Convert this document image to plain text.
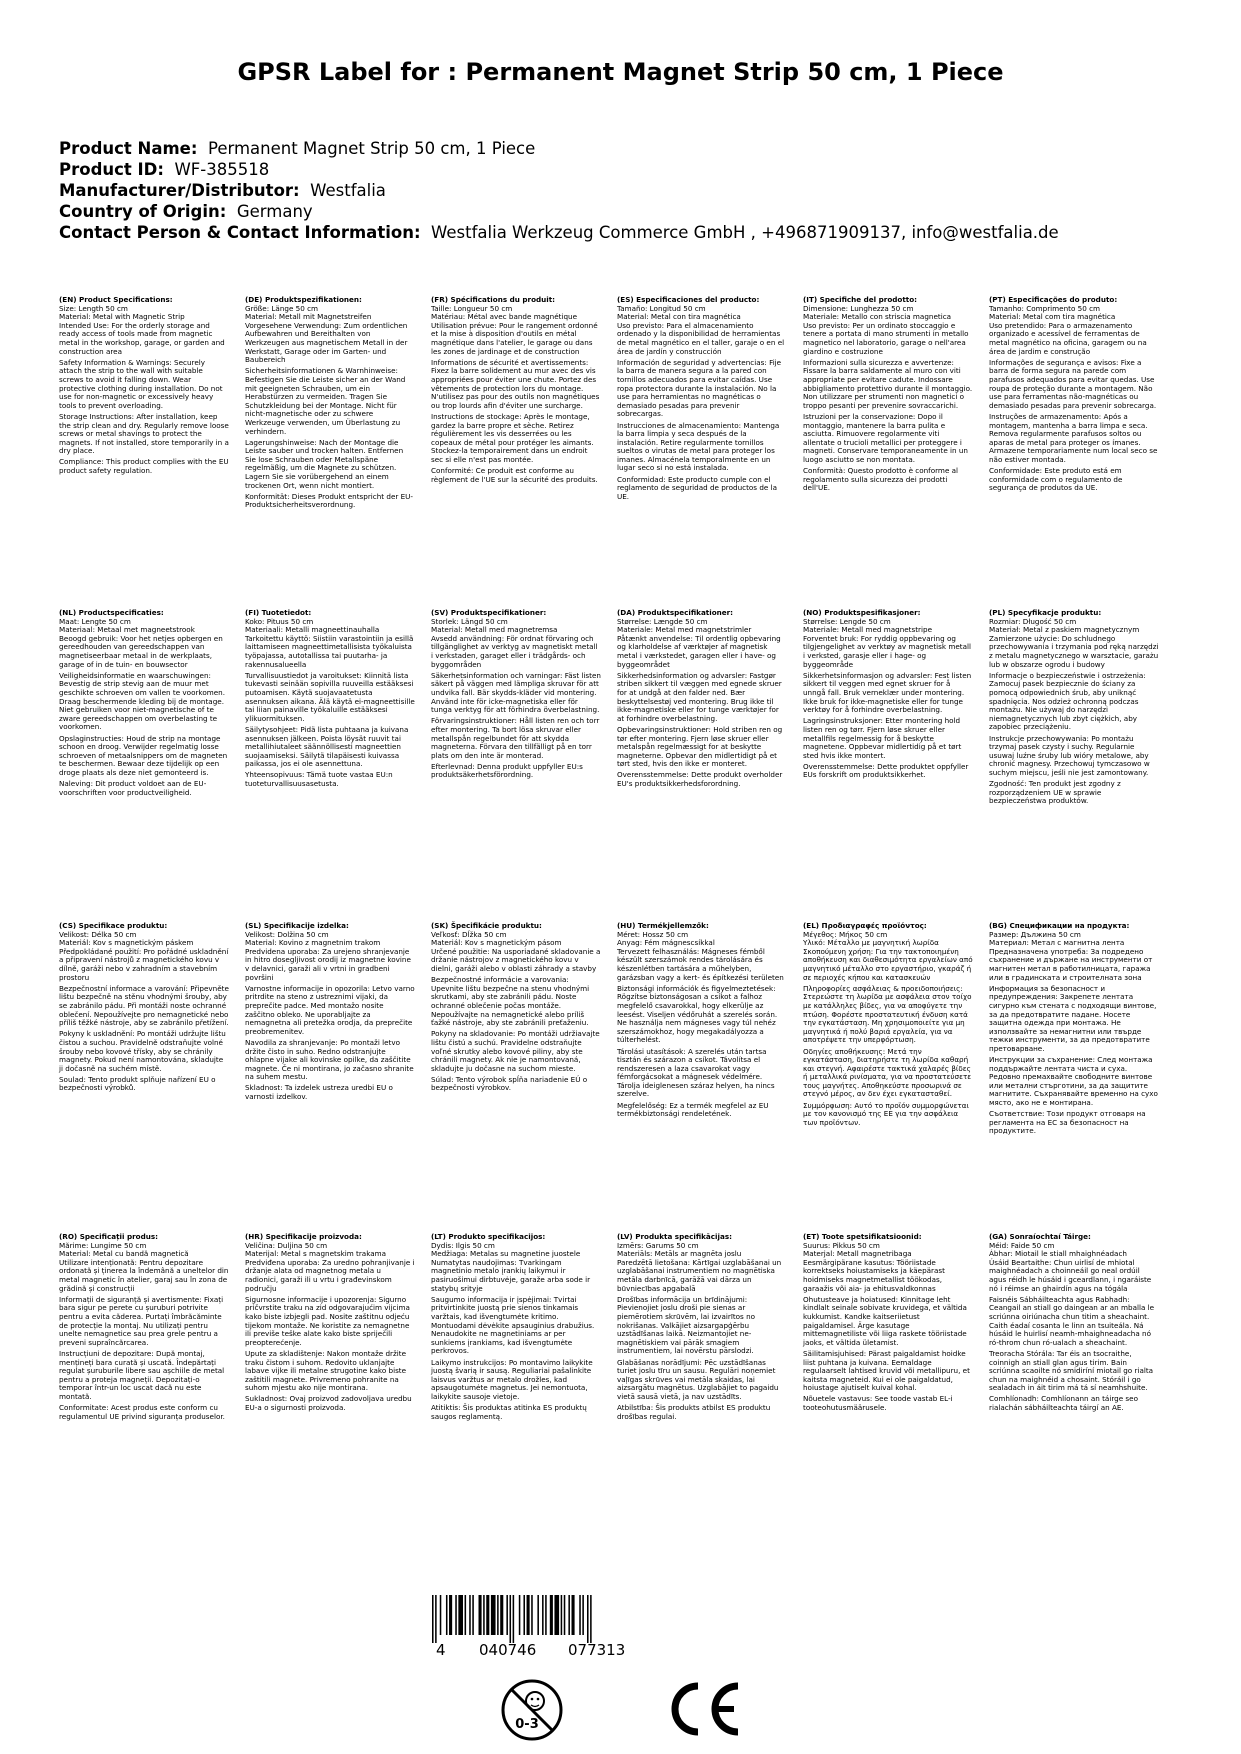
GPSR Label for : Permanent Magnet Strip 50 cm, 1 Piece
Product Name: Permanent Magnet Strip 50 cm, 1 Piece
Product ID: WF-385518
Manufacturer/Distributor: Westfalia
Country of Origin: Germany
Contact Person & Contact Information: Westfalia Werkzeug Commerce GmbH , +496871909137, info@westfalia.de

(EN) Product Specifications:

Size: Length 50 cm

Material: Metal with Magnetic Strip

Intended Use: For the orderly storage and ready access of tools made from magnetic metal in the workshop, garage, or garden and construction area

Safety Information & Warnings: Securely attach the strip to the wall with suitable screws to avoid it falling down. Wear protective clothing during installation. Do not use for non-magnetic or excessively heavy tools to prevent overloading.

Storage Instructions: After installation, keep the strip clean and dry. Regularly remove loose screws or metal shavings to protect the magnets. If not installed, store temporarily in a dry place.

Compliance: This product complies with the EU product safety regulation.

(DE) Produktspezifikationen:

Größe: Länge 50 cm

Material: Metall mit Magnetstreifen

Vorgesehene Verwendung: Zum ordentlichen Aufbewahren und Bereithalten von Werkzeugen aus magnetischem Metall in der Werkstatt, Garage oder im Garten- und Baubereich

Sicherheitsinformationen & Warnhinweise: Befestigen Sie die Leiste sicher an der Wand mit geeigneten Schrauben, um ein Herabstürzen zu vermeiden. Tragen Sie Schutzkleidung bei der Montage. Nicht für nicht-magnetische oder zu schwere Werkzeuge verwenden, um Überlastung zu verhindern.

Lagerungshinweise: Nach der Montage die Leiste sauber und trocken halten. Entfernen Sie lose Schrauben oder Metallspäne regelmäßig, um die Magnete zu schützen. Lagern Sie sie vorübergehend an einem trockenen Ort, wenn nicht montiert.

Konformität: Dieses Produkt entspricht der EU-Produktsicherheitsverordnung.

(FR) Spécifications du produit:

Taille: Longueur 50 cm

Matériau: Métal avec bande magnétique

Utilisation prévue: Pour le rangement ordonné et la mise à disposition d'outils en métal magnétique dans l'atelier, le garage ou dans les zones de jardinage et de construction

Informations de sécurité et avertissements: Fixez la barre solidement au mur avec des vis appropriées pour éviter une chute. Portez des vêtements de protection lors du montage. N'utilisez pas pour des outils non magnétiques ou trop lourds afin d'éviter une surcharge.

Instructions de stockage: Après le montage, gardez la barre propre et sèche. Retirez régulièrement les vis desserrées ou les copeaux de métal pour protéger les aimants. Stockez-la temporairement dans un endroit sec si elle n'est pas montée.

Conformité: Ce produit est conforme au règlement de l'UE sur la sécurité des produits.

(ES) Especificaciones del producto:

Tamaño: Longitud 50 cm

Material: Metal con tira magnética

Uso previsto: Para el almacenamiento ordenado y la disponibilidad de herramientas de metal magnético en el taller, garaje o en el área de jardín y construcción

Información de seguridad y advertencias: Fije la barra de manera segura a la pared con tornillos adecuados para evitar caídas. Use ropa protectora durante la instalación. No la use para herramientas no magnéticas o demasiado pesadas para prevenir sobrecargas.

Instrucciones de almacenamiento: Mantenga la barra limpia y seca después de la instalación. Retire regularmente tornillos sueltos o virutas de metal para proteger los imanes. Almacénela temporalmente en un lugar seco si no está instalada.

Conformidad: Este producto cumple con el reglamento de seguridad de productos de la UE.

(IT) Specifiche del prodotto:

Dimensione: Lunghezza 50 cm

Materiale: Metallo con striscia magnetica

Uso previsto: Per un ordinato stoccaggio e tenere a portata di mano strumenti in metallo magnetico nel laboratorio, garage o nell'area giardino e costruzione

Informazioni sulla sicurezza e avvertenze: Fissare la barra saldamente al muro con viti appropriate per evitare cadute. Indossare abbigliamento protettivo durante il montaggio. Non utilizzare per strumenti non magnetici o troppo pesanti per prevenire sovraccarichi.

Istruzioni per la conservazione: Dopo il montaggio, mantenere la barra pulita e asciutta. Rimuovere regolarmente viti allentate o trucioli metallici per proteggere i magneti. Conservare temporaneamente in un luogo asciutto se non montata.

Conformità: Questo prodotto è conforme al regolamento sulla sicurezza dei prodotti dell'UE.

(PT) Especificações do produto:

Tamanho: Comprimento 50 cm

Material: Metal com tira magnética

Uso pretendido: Para o armazenamento organizado e acessível de ferramentas de metal magnético na oficina, garagem ou na área de jardim e construção

Informações de segurança e avisos: Fixe a barra de forma segura na parede com parafusos adequados para evitar quedas. Use roupa de proteção durante a montagem. Não use para ferramentas não-magnéticas ou demasiado pesadas para prevenir sobrecarga.

Instruções de armazenamento: Após a montagem, mantenha a barra limpa e seca. Remova regularmente parafusos soltos ou aparas de metal para proteger os ímanes. Armazene temporariamente num local seco se não estiver montada.

Conformidade: Este produto está em conformidade com o regulamento de segurança de produtos da UE.

(NL) Productspecificaties:

Maat: Lengte 50 cm

Materiaal: Metaal met magneetstrook

Beoogd gebruik: Voor het netjes opbergen en gereedhouden van gereedschappen van magnetiseerbaar metaal in de werkplaats, garage of in de tuin- en bouwsector

Veiligheidsinformatie en waarschuwingen: Bevestig de strip stevig aan de muur met geschikte schroeven om vallen te voorkomen. Draag beschermende kleding bij de montage. Niet gebruiken voor niet-magnetische of te zware gereedschappen om overbelasting te voorkomen.

Opslaginstructies: Houd de strip na montage schoon en droog. Verwijder regelmatig losse schroeven of metaalsnippers om de magneten te beschermen. Bewaar deze tijdelijk op een droge plaats als deze niet gemonteerd is.

Naleving: Dit product voldoet aan de EU-voorschriften voor productveiligheid.

(FI) Tuotetiedot:

Koko: Pituus 50 cm

Materiaali: Metalli magneettinauhalla

Tarkoitettu käyttö: Siistiin varastointiin ja esillä laittamiseen magneettimetallisista työkaluista työpajassa, autotallissa tai puutarha- ja rakennusalueella

Turvallisuustiedot ja varoitukset: Kiinnitä lista tukevasti seinään sopivilla ruuveilla estääksesi putoamisen. Käytä suojavaatetusta asennuksen aikana. Älä käytä ei-magneettisille tai liian painaville työkaluille estääksesi ylikuormituksen.

Säilytysohjeet: Pidä lista puhtaana ja kuivana asennuksen jälkeen. Poista löysät ruuvit tai metallihiutaleet säännöllisesti magneettien suojaamiseksi. Säilytä tilapäisesti kuivassa paikassa, jos ei ole asennettuna.

Yhteensopivuus: Tämä tuote vastaa EU:n tuoteturvallisuusasetusta.

(SV) Produktspecifikationer:

Storlek: Längd 50 cm

Material: Metall med magnetremsa

Avsedd användning: För ordnat förvaring och tillgänglighet av verktyg av magnetiskt metall i verkstaden, garaget eller i trädgårds- och byggområden

Säkerhetsinformation och varningar: Fäst listen säkert på väggen med lämpliga skruvar för att undvika fall. Bär skydds-kläder vid montering. Använd inte för icke-magnetiska eller för tunga verktyg för att förhindra överbelastning.

Förvaringsinstruktioner: Håll listen ren och torr efter montering. Ta bort lösa skruvar eller metallspån regelbundet för att skydda magneterna. Förvara den tillfälligt på en torr plats om den inte är monterad.

Efterlevnad: Denna produkt uppfyller EU:s produktsäkerhetsförordning.

(DA) Produktspecifikationer:

Størrelse: Længde 50 cm

Materiale: Metal med magnetstrimler

Påtænkt anvendelse: Til ordentlig opbevaring og klarholdelse af værktøjer af magnetisk metal i værkstedet, garagen eller i have- og byggeområdet

Sikkerhedsinformation og advarsler: Fastgør striben sikkert til væggen med egnede skruer for at undgå at den falder ned. Bær beskyttelsestøj ved montering. Brug ikke til ikke-magnetiske eller for tunge værktøjer for at forhindre overbelastning.

Opbevaringsinstruktioner: Hold striben ren og tør efter montering. Fjern løse skruer eller metalspån regelmæssigt for at beskytte magneterne. Opbevar den midlertidigt på et tørt sted, hvis den ikke er monteret.

Overensstemmelse: Dette produkt overholder EU's produktsikkerhedsforordning.

(NO) Produktspesifikasjoner:

Størrelse: Lengde 50 cm

Materiale: Metall med magnetstripe

Forventet bruk: For ryddig oppbevaring og tilgjengelighet av verktøy av magnetisk metall i verksted, garasje eller i hage- og byggeområde

Sikkerhetsinformasjon og advarsler: Fest listen sikkert til veggen med egnet skruer for å unngå fall. Bruk verneklær under montering. Ikke bruk for ikke-magnetiske eller for tunge verktøy for å forhindre overbelastning.

Lagringsinstruksjoner: Etter montering hold listen ren og tørr. Fjern løse skruer eller metallfils regelmessig for å beskytte magnetene. Oppbevar midlertidig på et tørt sted hvis ikke montert.

Overensstemmelse: Dette produktet oppfyller EUs forskrift om produktsikkerhet.

(PL) Specyfikacje produktu:

Rozmiar: Długość 50 cm

Materiał: Metal z paskiem magnetycznym

Zamierzone użycie: Do schludnego przechowywania i trzymania pod ręką narzędzi z metalu magnetycznego w warsztacie, garażu lub w obszarze ogrodu i budowy

Informacje o bezpieczeństwie i ostrzeżenia: Zamocuj pasek bezpiecznie do ściany za pomocą odpowiednich śrub, aby uniknąć spadnięcia. Nos odzież ochronną podczas montażu. Nie używaj do narzędzi niemagnetycznych lub zbyt ciężkich, aby zapobiec przeciążeniu.

Instrukcje przechowywania: Po montażu trzymaj pasek czysty i suchy. Regularnie usuwaj luźne śruby lub wióry metalowe, aby chronić magnesy. Przechowuj tymczasowo w suchym miejscu, jeśli nie jest zamontowany.

Zgodność: Ten produkt jest zgodny z rozporządzeniem UE w sprawie bezpieczeństwa produktów.

(CS) Specifikace produktu:

Velikost: Délka 50 cm

Materiál: Kov s magnetickým páskem

Předpokládané použití: Pro pořádné uskladnění a připravení nástrojů z magnetického kovu v dílně, garáži nebo v zahradním a stavebním prostoru

Bezpečnostní informace a varování: Připevněte lištu bezpečně na stěnu vhodnými šrouby, aby se zabránilo pádu. Při montáži noste ochranné oblečení. Nepoužívejte pro nemagnetické nebo příliš těžké nástroje, aby se zabránilo přetížení.

Pokyny k uskladnění: Po montáži udržujte lištu čistou a suchou. Pravidelně odstraňujte volné šrouby nebo kovové třísky, aby se chránily magnety. Pokud není namontována, skladujte ji dočasně na suchém místě.

Soulad: Tento produkt splňuje nařízení EU o bezpečnosti výrobků.

(SL) Specifikacije izdelka:

Velikost: Dolžina 50 cm

Material: Kovino z magnetnim trakom

Predvidena uporaba: Za urejeno shranjevanje in hitro dosegljivost orodij iz magnetne kovine v delavnici, garaži ali v vrtni in gradbeni površini

Varnostne informacije in opozorila: Letvo varno pritrdite na steno z ustreznimi vijaki, da preprečite padce. Med montažo nosite zaščitno obleko. Ne uporabljajte za nemagnetna ali pretežka orodja, da preprečite preobremenitev.

Navodila za shranjevanje: Po montaži letvo držite čisto in suho. Redno odstranjujte ohlapne vijake ali kovinske opilke, da zaščitite magnete. Če ni montirana, jo začasno shranite na suhem mestu.

Skladnost: Ta izdelek ustreza uredbi EU o varnosti izdelkov.

(SK) Špecifikácie produktu:

Veľkosť: Dĺžka 50 cm

Materiál: Kov s magnetickým pásom

Určené použitie: Na usporiadané skladovanie a držanie nástrojov z magnetického kovu v dielni, garáži alebo v oblasti záhrady a stavby

Bezpečnostné informácie a varovania: Upevnite lištu bezpečne na stenu vhodnými skrutkami, aby ste zabránili pádu. Noste ochranné oblečenie počas montáže. Nepoužívajte na nemagnetické alebo príliš ťažké nástroje, aby ste zabránili preťaženiu.

Pokyny na skladovanie: Po montáži udržiavajte lištu čistú a suchú. Pravidelne odstraňujte voľné skrutky alebo kovové piliny, aby ste chránili magnety. Ak nie je namontovaná, skladujte ju dočasne na suchom mieste.

Súlad: Tento výrobok spĺňa nariadenie EÚ o bezpečnosti výrobkov.

(HU) Termékjellemzők:

Méret: Hossz 50 cm

Anyag: Fém mágnescsíkkal

Tervezett felhasználás: Mágneses fémből készült szerszámok rendes tárolására és készenlétben tartására a műhelyben, garázsban vagy a kert- és építkezési területen

Biztonsági információk és figyelmeztetések: Rögzítse biztonságosan a csíkot a falhoz megfelelő csavarokkal, hogy elkerülje az leesést. Viseljen védőruhát a szerelés során. Ne használja nem mágneses vagy túl nehéz szerszámokhoz, hogy megakadályozza a túlterhelést.

Tárolási utasítások: A szerelés után tartsa tisztán és szárazon a csíkot. Távolítsa el rendszeresen a laza csavarokat vagy fémforgácsokat a mágnesek védelmére. Tárolja ideiglenesen száraz helyen, ha nincs szerelve.

Megfelelőség: Ez a termék megfelel az EU termékbiztonsági rendeletének.

(EL) Προδιαγραφές προϊόντος:

Μέγεθος: Μήκος 50 cm

Υλικό: Μέταλλο με μαγνητική λωρίδα

Σκοπούμενη χρήση: Για την τακτοποιημένη αποθήκευση και διαθεσιμότητα εργαλείων από μαγνητικό μέταλλο στο εργαστήριο, γκαράζ ή σε περιοχές κήπου και κατασκευών

Πληροφορίες ασφάλειας & προειδοποιήσεις: Στερεώστε τη λωρίδα με ασφάλεια στον τοίχο με κατάλληλες βίδες, για να αποφύγετε την πτώση. Φορέστε προστατευτική ένδυση κατά την εγκατάσταση. Μη χρησιμοποιείτε για μη μαγνητικά ή πολύ βαριά εργαλεία, για να αποτρέψετε την υπερφόρτωση.

Οδηγίες αποθήκευσης: Μετά την εγκατάσταση, διατηρήστε τη λωρίδα καθαρή και στεγνή. Αφαιρέστε τακτικά χαλαρές βίδες ή μεταλλικά ρινίσματα, για να προστατεύσετε τους μαγνήτες. Αποθηκεύστε προσωρινά σε στεγνό μέρος, αν δεν έχει εγκατασταθεί.

Συμμόρφωση: Αυτό το προϊόν συμμορφώνεται με τον κανονισμό της ΕΕ για την ασφάλεια των προϊόντων.

(BG) Спецификации на продукта:

Размер: Дължина 50 cm

Материал: Метал с магнитна лента

Предназначена употреба: За подредено съхранение и държане на инструменти от магнитен метал в работилницата, гаража или в градинската и строителната зона

Информация за безопасност и предупреждения: Закрепете лентата сигурно към стената с подходящи винтове, за да предотвратите падане. Носете защитна одежда при монтажа. Не използвайте за немагнитни или твърде тежки инструменти, за да предотвратите претоварване.

Инструкции за съхранение: След монтажа поддържайте лентата чиста и суха. Редовно премахвайте свободните винтове или метални стърготини, за да защитите магнитите. Съхранявайте временно на сухо място, ако не е монтирана.

Съответствие: Този продукт отговаря на регламента на ЕС за безопасност на продуктите.

(RO) Specificații produs:

Mărime: Lungime 50 cm

Material: Metal cu bandă magnetică

Utilizare intenționată: Pentru depozitare ordonată și ținerea la îndemână a uneltelor din metal magnetic în atelier, garaj sau în zona de grădină și construcții

Informații de siguranță și avertismente: Fixați bara sigur pe perete cu șuruburi potrivite pentru a evita căderea. Purtați îmbrăcăminte de protecție la montaj. Nu utilizați pentru unelte nemagnetice sau prea grele pentru a preveni supraîncărcarea.

Instrucțiuni de depozitare: După montaj, mențineți bara curată și uscată. Îndepărtați regulat șuruburile libere sau așchiile de metal pentru a proteja magneții. Depozitați-o temporar într-un loc uscat dacă nu este montată.

Conformitate: Acest produs este conform cu regulamentul UE privind siguranța produselor.

(HR) Specifikacije proizvoda:

Veličina: Duljina 50 cm

Materijal: Metal s magnetskim trakama

Predviđena uporaba: Za uredno pohranjivanje i držanje alata od magnetnog metala u radionici, garaži ili u vrtu i građevinskom području

Sigurnosne informacije i upozorenja: Sigurno pričvrstite traku na zid odgovarajućim vijcima kako biste izbjegli pad. Nosite zaštitnu odjeću tijekom montaže. Ne koristite za nemagnetne ili previše teške alate kako biste spriječili preopterećenje.

Upute za skladištenje: Nakon montaže držite traku čistom i suhom. Redovito uklanjajte labave vijke ili metalne strugotine kako biste zaštitili magnete. Privremeno pohranite na suhom mjestu ako nije montirana.

Sukladnost: Ovaj proizvod zadovoljava uredbu EU-a o sigurnosti proizvoda.

(LT) Produkto specifikacijos:

Dydis: Ilgis 50 cm

Medžiaga: Metalas su magnetine juostele

Numatytas naudojimas: Tvarkingam magnetinio metalo įrankių laikymui ir pasiruošimui dirbtuvėje, garaže arba sode ir statybų srityje

Saugumo informacija ir įspėjimai: Tvirtai pritvirtinkite juostą prie sienos tinkamais varžtais, kad išvengtumėte kritimo. Montuodami dėvėkite apsauginius drabužius. Nenaudokite ne magnetiniams ar per sunkiems įrankiams, kad išvengtumėte perkrovos.

Laikymo instrukcijos: Po montavimo laikykite juostą švarią ir sausą. Reguliariai pašalinkite laisvus varžtus ar metalo drožles, kad apsaugotumėte magnetus. Jei nemontuota, laikykite sausoje vietoje.

Atitiktis: Šis produktas atitinka ES produktų saugos reglamentą.

(LV) Produkta specifikācijas:

Izmērs: Garums 50 cm

Materiāls: Metāls ar magnēta joslu

Paredzētā lietošana: Kārtīgai uzglabāšanai un uzglabāšanai instrumentiem no magnētiska metāla darbnīcā, garāžā vai dārza un būvniecības apgabalā

Drošības informācija un brīdinājumi: Pievienojiet joslu droši pie sienas ar piemērotiem skrūvēm, lai izvairītos no nokrišanas. Valkājiet aizsargapģērbu uzstādīšanas laikā. Neizmantojiet ne-magnētiskiem vai pārāk smagiem instrumentiem, lai novērstu pārslodzi.

Glabāšanas norādījumi: Pēc uzstādīšanas turiet joslu tīru un sausu. Regulāri noņemiet vaļīgas skrūves vai metāla skaidas, lai aizsargātu magnētus. Uzglabājiet to pagaidu vietā sausā vietā, ja nav uzstādīts.

Atbilstība: Šis produkts atbilst ES produktu drošības regulai.

(ET) Toote spetsifikatsioonid:

Suurus: Pikkus 50 cm

Materjal: Metall magnetribaga

Eesmärgipärane kasutus: Tööriistade korrektseks hoiustamiseks ja käepärast hoidmiseks magnetmetallist töökodas, garaažis või aia- ja ehitusvaldkonnas

Ohutusteave ja hoiatused: Kinnitage leht kindlalt seinale sobivate kruvidega, et vältida kukkumist. Kandke kaitseriietust paigaldamisel. Ärge kasutage mittemagnetiliste või liiga raskete tööriistade jaoks, et vältida ületamist.

Säilitamisjuhised: Pärast paigaldamist hoidke liist puhtana ja kuivana. Eemaldage regulaarselt lahtised kruvid või metallipuru, et kaitsta magneteid. Kui ei ole paigaldatud, hoiustage ajutiselt kuival kohal.

Nõuetele vastavus: See toode vastab EL-i tooteohutusmäärusele.

(GA) Sonraíochtaí Táirge:

Méid: Faide 50 cm

Ábhar: Miotail le stiall mhaighnéadach

Úsáid Beartaithe: Chun uirlisí de mhiotal maighnéadach a choinneáil go neal ordúil agus réidh le húsáid i gceardlann, i ngaráiste nó i réimse an ghairdín agus na tógála

Faisnéis Sábháilteachta agus Rabhadh: Ceangail an stiall go daingean ar an mballa le scriúnna oiriúnacha chun titim a sheachaint. Caith éadaí cosanta le linn an tsuiteála. Ná húsáid le huirlisí neamh-mhaighneadacha nó ró-throm chun ró-ualach a sheachaint.

Treoracha Stórála: Tar éis an tsocraithe, coinnigh an stiall glan agus tirim. Bain scriúnna scaoilte nó smidiríní miotail go rialta chun na maighnéid a chosaint. Stóráil i go sealadach in áit tirim má tá sí neamhshuite.

Comhlíonadh: Comhlíonann an táirge seo rialachán sábháilteachta táirgí an AE.

4 040746 077313
0-3
